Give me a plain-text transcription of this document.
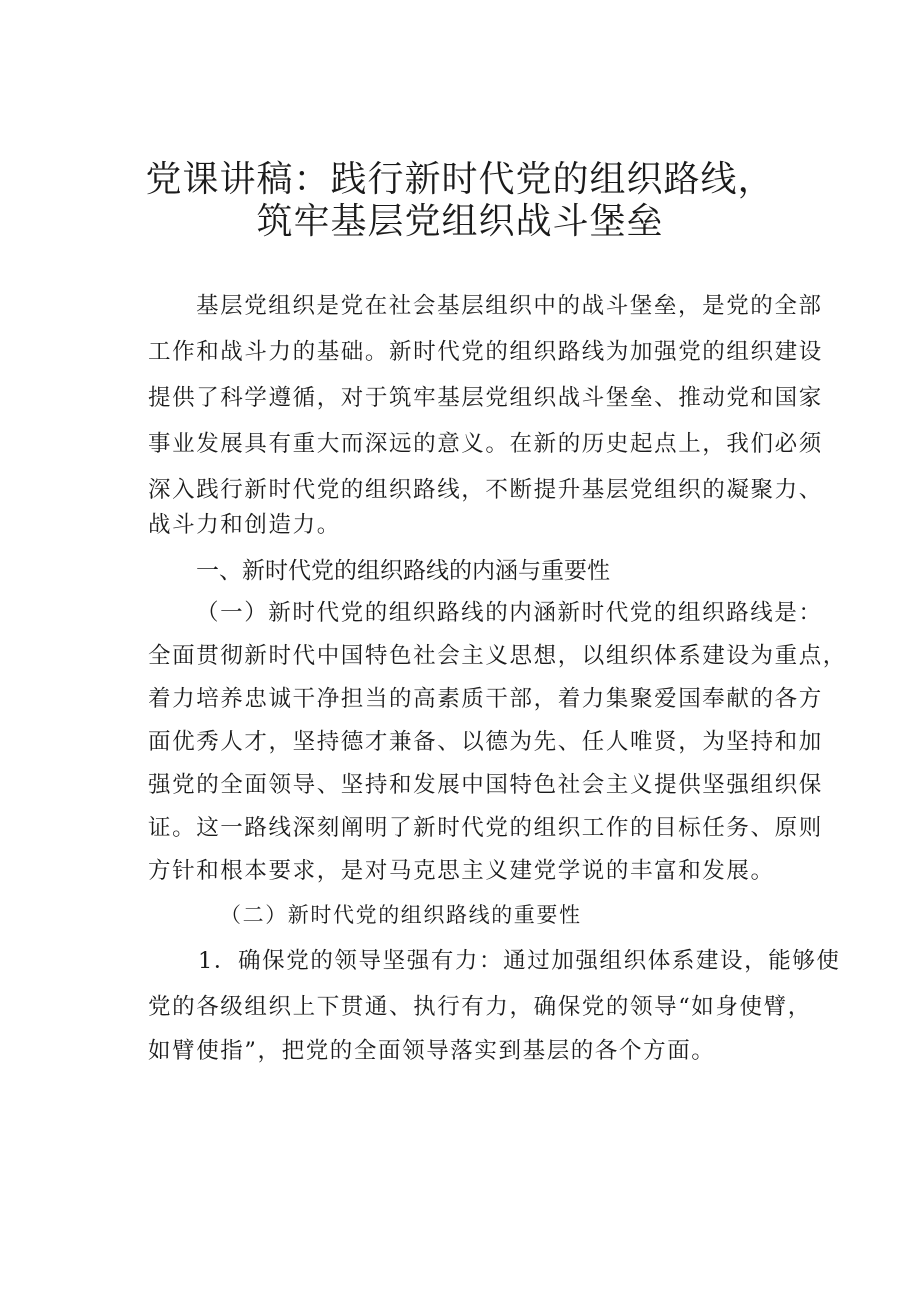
党课讲稿：践行新时代党的组织路线，
筑牢基层党组织战斗堡垒
基层党组织是党在社会基层组织中的战斗堡垒，是党的全部
工作和战斗力的基础。新时代党的组织路线为加强党的组织建设
提供了科学遵循，对于筑牢基层党组织战斗堡垒、推动党和国家
事业发展具有重大而深远的意义。在新的历史起点上，我们必须
深入践行新时代党的组织路线，不断提升基层党组织的凝聚力、
战斗力和创造力。
一、新时代党的组织路线的内涵与重要性
（一）新时代党的组织路线的内涵新时代党的组织路线是：
全面贯彻新时代中国特色社会主义思想，以组织体系建设为重点，
着力培养忠诚干净担当的高素质干部，着力集聚爱国奉献的各方
面优秀人才，坚持德才兼备、以德为先、任人唯贤，为坚持和加
强党的全面领导、坚持和发展中国特色社会主义提供坚强组织保
证。这一路线深刻阐明了新时代党的组织工作的目标任务、原则
方针和根本要求，是对马克思主义建党学说的丰富和发展。
（二）新时代党的组织路线的重要性
1．确保党的领导坚强有力：通过加强组织体系建设，能够使
党的各级组织上下贯通、执行有力，确保党的领导“如身使臂，
如臂使指”，把党的全面领导落实到基层的各个方面。
